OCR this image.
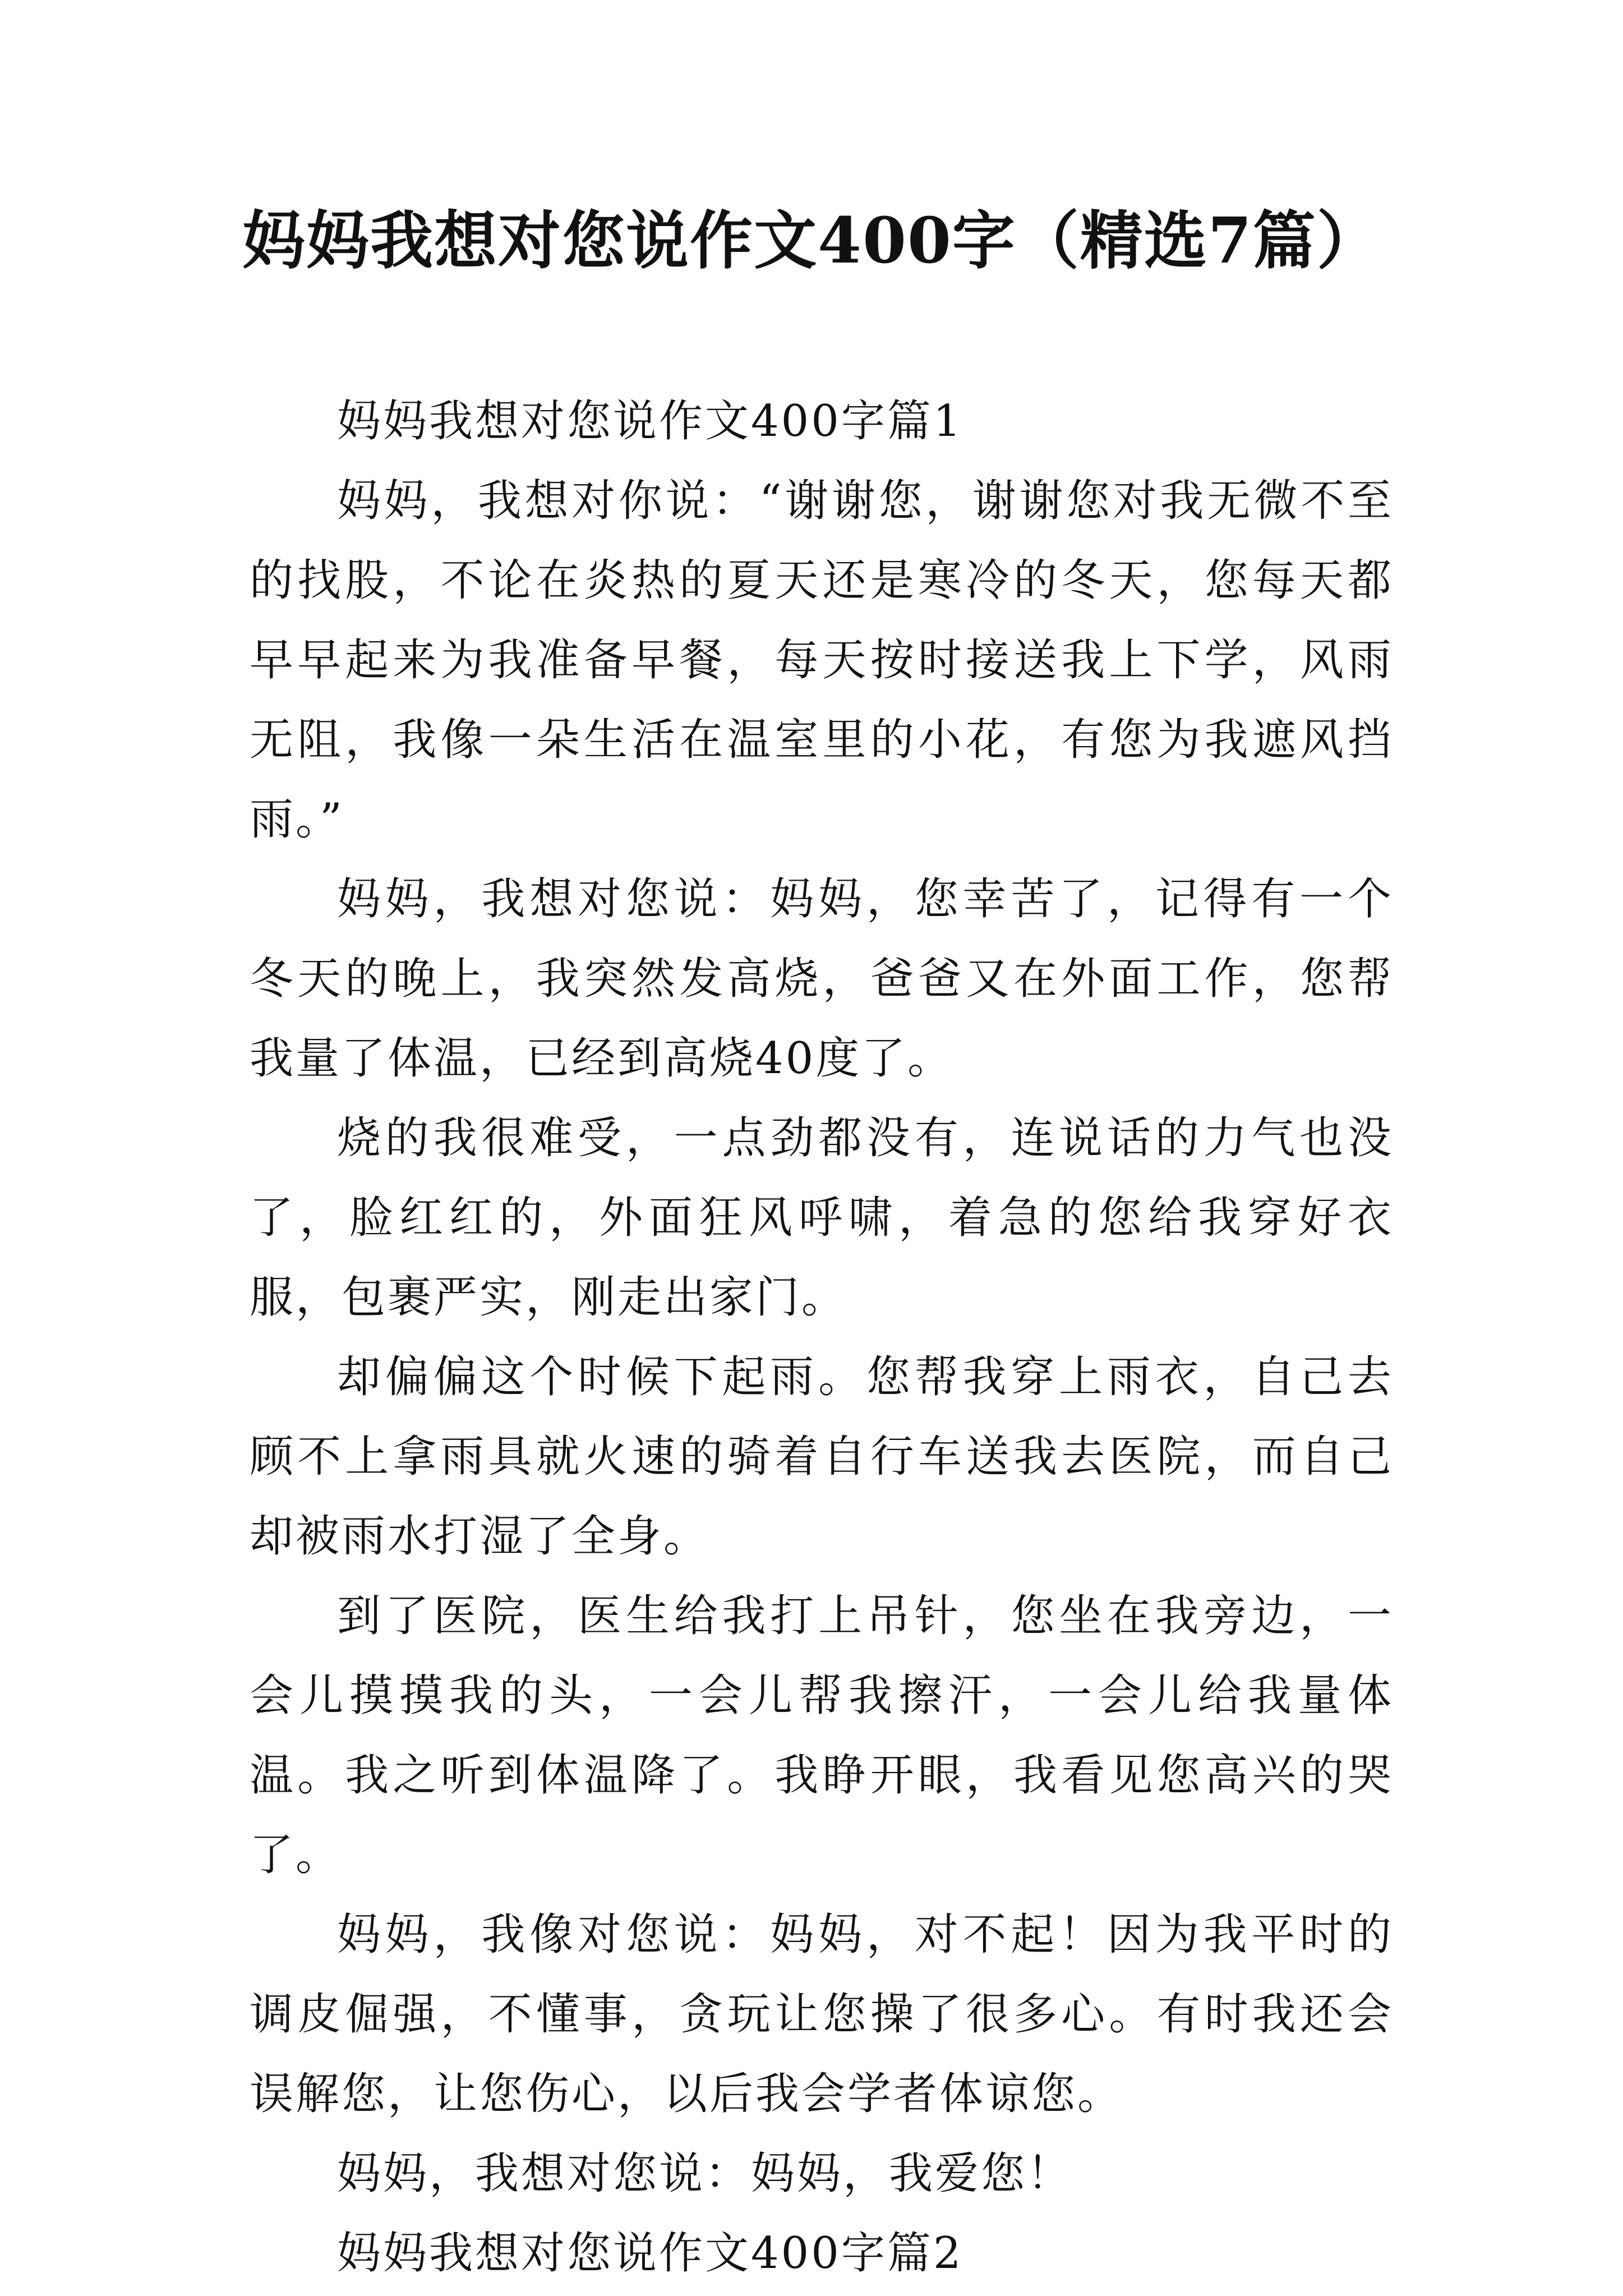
妈妈我想对您说作文400字（精选7篇）

妈妈我想对您说作文400字篇1

妈妈，我想对你说：“谢谢您，谢谢您对我无微不至的找股，不论在炎热的夏天还是寒冷的冬天，您每天都早早起来为我准备早餐，每天按时接送我上下学，风雨无阻，我像一朵生活在温室里的小花，有您为我遮风挡雨。”

妈妈，我想对您说：妈妈，您幸苦了，记得有一个冬天的晚上，我突然发高烧，爸爸又在外面工作，您帮我量了体温，已经到高烧40度了。

烧的我很难受，一点劲都没有，连说话的力气也没了，脸红红的，外面狂风呼啸，着急的您给我穿好衣服，包裹严实，刚走出家门。

却偏偏这个时候下起雨。您帮我穿上雨衣，自己去顾不上拿雨具就火速的骑着自行车送我去医院，而自己却被雨水打湿了全身。

到了医院，医生给我打上吊针，您坐在我旁边，一会儿摸摸我的头，一会儿帮我擦汗，一会儿给我量体温。我之听到体温降了。我睁开眼，我看见您高兴的哭了。

妈妈，我像对您说：妈妈，对不起！因为我平时的调皮倔强，不懂事，贪玩让您操了很多心。有时我还会误解您，让您伤心，以后我会学者体谅您。

妈妈，我想对您说：妈妈，我爱您！

妈妈我想对您说作文400字篇2
